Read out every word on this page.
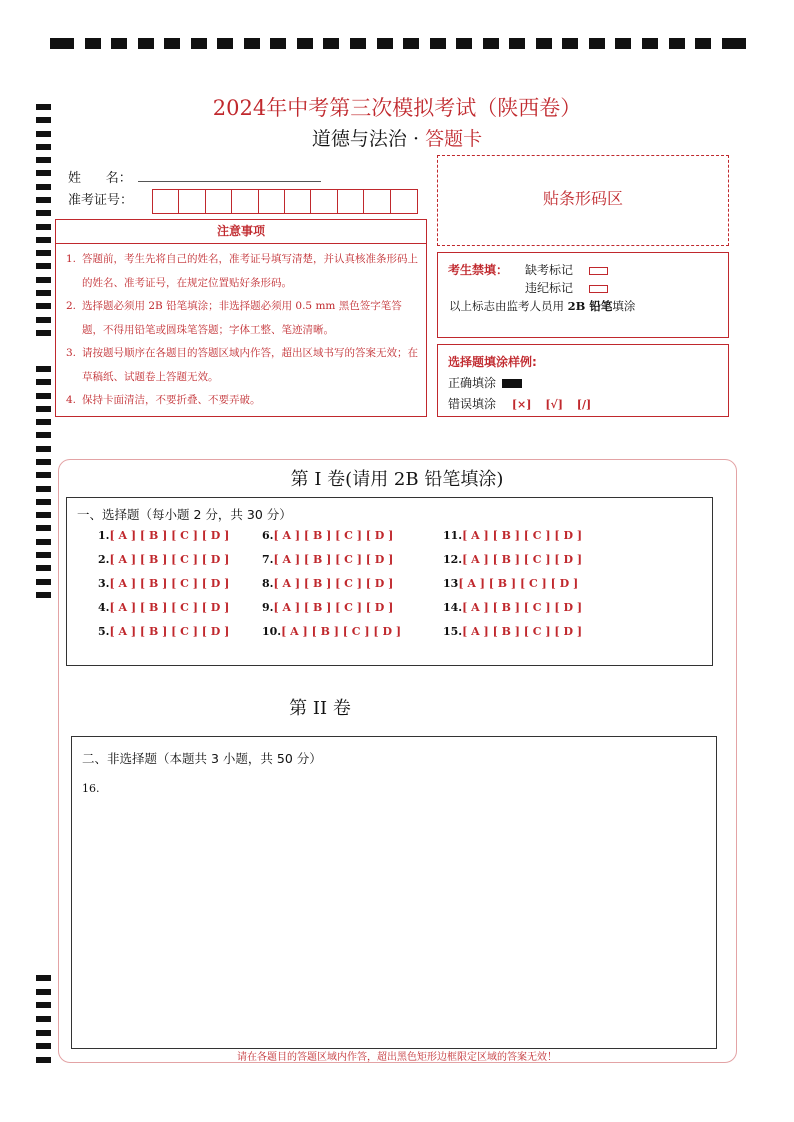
2024年中考第三次模拟考试（陕西卷）
道德与法治 · 答题卡
姓      名：
准考证号：
注意事项
1. 答题前，考生先将自己的姓名，准考证号填写清楚，并认真核准条形码上的姓名、准考证号，在规定位置贴好条形码。
2. 选择题必须用 2B 铅笔填涂；非选择题必须用 0.5 mm 黑色签字笔答题，不得用铅笔或圆珠笔答题；字体工整、笔迹清晰。
3. 请按题号顺序在各题目的答题区域内作答，超出区域书写的答案无效；在草稿纸、试题卷上答题无效。
4. 保持卡面清洁，不要折叠、不要弄破。
贴条形码区
考生禁填： 缺考标记
违纪标记
以上标志由监考人员用 2B 铅笔填涂
选择题填涂样例:
正确填涂
错误填涂 [×] [√] [/]
第 I 卷(请用 2B 铅笔填涂)
一、选择题（每小题 2 分，共 30 分）
1.[ A ] [ B ] [ C ] [ D ]
2.[ A ] [ B ] [ C ] [ D ]
3.[ A ] [ B ] [ C ] [ D ]
4.[ A ] [ B ] [ C ] [ D ]
5.[ A ] [ B ] [ C ] [ D ]
6.[ A ] [ B ] [ C ] [ D ]
7.[ A ] [ B ] [ C ] [ D ]
8.[ A ] [ B ] [ C ] [ D ]
9.[ A ] [ B ] [ C ] [ D ]
10.[ A ] [ B ] [ C ] [ D ]
11.[ A ] [ B ] [ C ] [ D ]
12.[ A ] [ B ] [ C ] [ D ]
13[ A ] [ B ] [ C ] [ D ]
14.[ A ] [ B ] [ C ] [ D ]
15.[ A ] [ B ] [ C ] [ D ]
第 II 卷
二、非选择题（本题共 3 小题，共 50 分）
16.
请在各题目的答题区域内作答，超出黑色矩形边框限定区域的答案无效！
